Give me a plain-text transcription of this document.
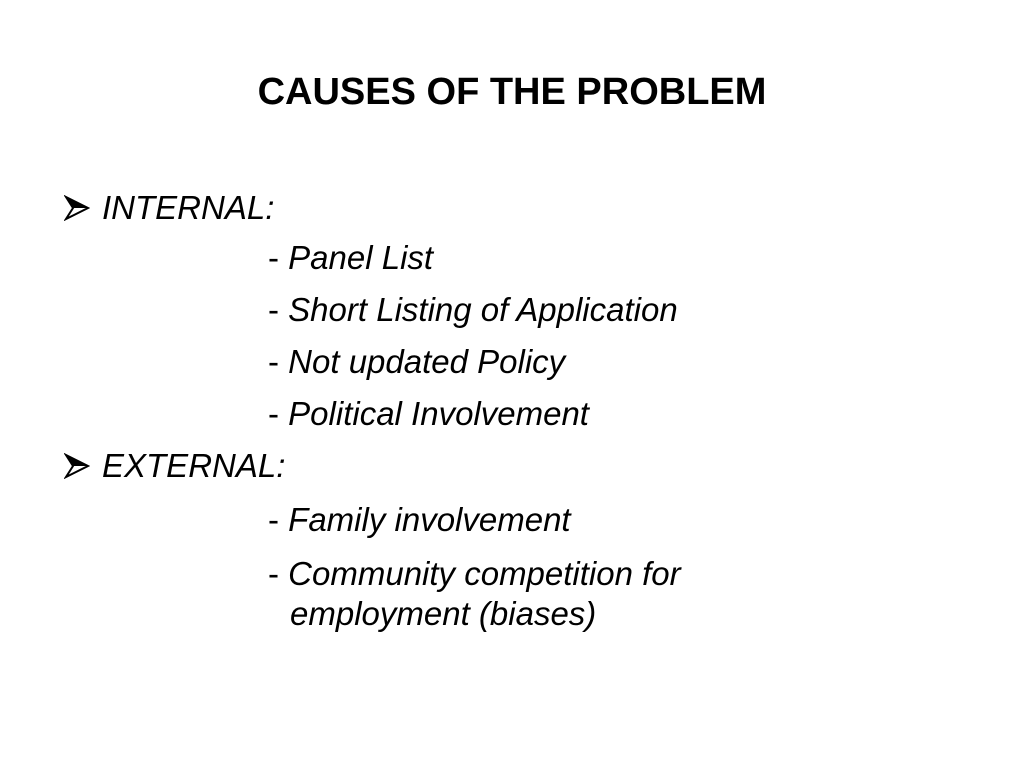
CAUSES OF THE PROBLEM
INTERNAL:
- Panel List
- Short Listing of Application
- Not updated Policy
- Political Involvement
EXTERNAL:
- Family involvement
- Community competition for
employment (biases)
